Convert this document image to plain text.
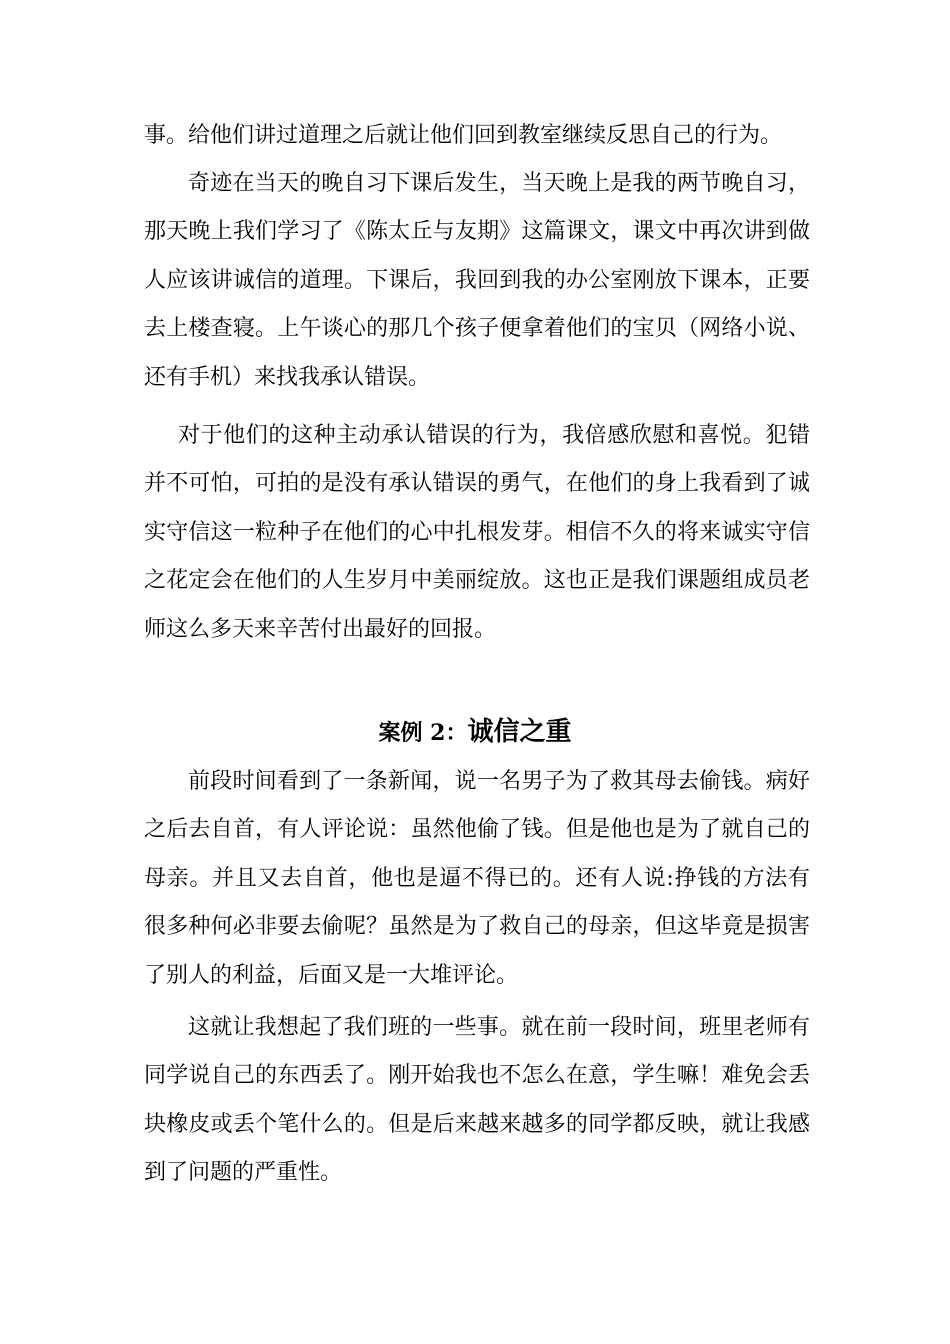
事。给他们讲过道理之后就让他们回到教室继续反思自己的行为。

奇迹在当天的晚自习下课后发生，当天晚上是我的两节晚自习，那天晚上我们学习了《陈太丘与友期》这篇课文，课文中再次讲到做人应该讲诚信的道理。下课后，我回到我的办公室刚放下课本，正要去上楼查寝。上午谈心的那几个孩子便拿着他们的宝贝（网络小说、还有手机）来找我承认错误。

对于他们的这种主动承认错误的行为，我倍感欣慰和喜悦。犯错并不可怕，可拍的是没有承认错误的勇气，在他们的身上我看到了诚实守信这一粒种子在他们的心中扎根发芽。相信不久的将来诚实守信之花定会在他们的人生岁月中美丽绽放。这也正是我们课题组成员老师这么多天来辛苦付出最好的回报。

案例 2：诚信之重

前段时间看到了一条新闻，说一名男子为了救其母去偷钱。病好之后去自首，有人评论说：虽然他偷了钱。但是他也是为了就自己的母亲。并且又去自首，他也是逼不得已的。还有人说:挣钱的方法有很多种何必非要去偷呢？虽然是为了救自己的母亲，但这毕竟是损害了别人的利益，后面又是一大堆评论。

这就让我想起了我们班的一些事。就在前一段时间，班里老师有同学说自己的东西丢了。刚开始我也不怎么在意，学生嘛！难免会丢块橡皮或丢个笔什么的。但是后来越来越多的同学都反映，就让我感到了问题的严重性。
